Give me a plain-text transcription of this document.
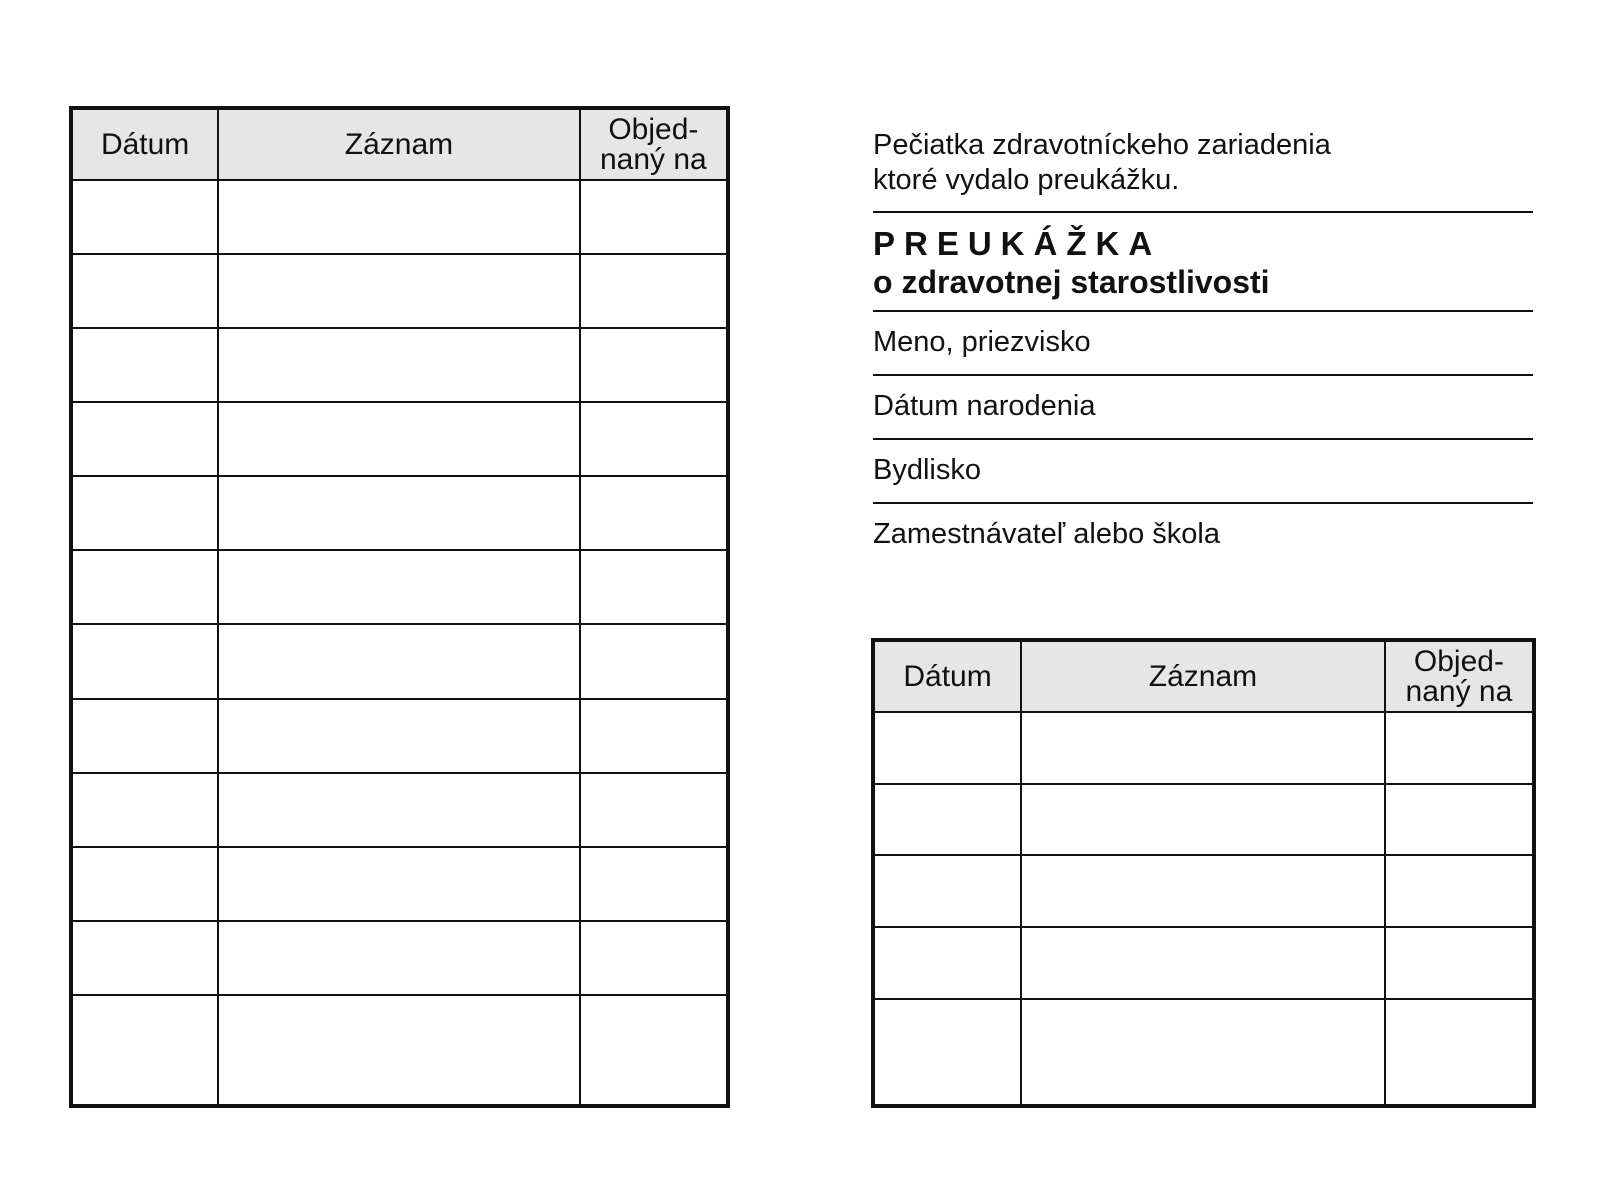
Dátum	Záznam	Objed-
naný na

			Pečiatka zdravotníckeho zariadenia
ktoré vydalo preukážku.
PREUKÁŽKA
o zdravotnej starostlivosti
Meno, priezvisko
Dátum narodenia
Bydlisko
Zamestnávateľ alebo škola
Dátum	Záznam	Objed-
naný na
